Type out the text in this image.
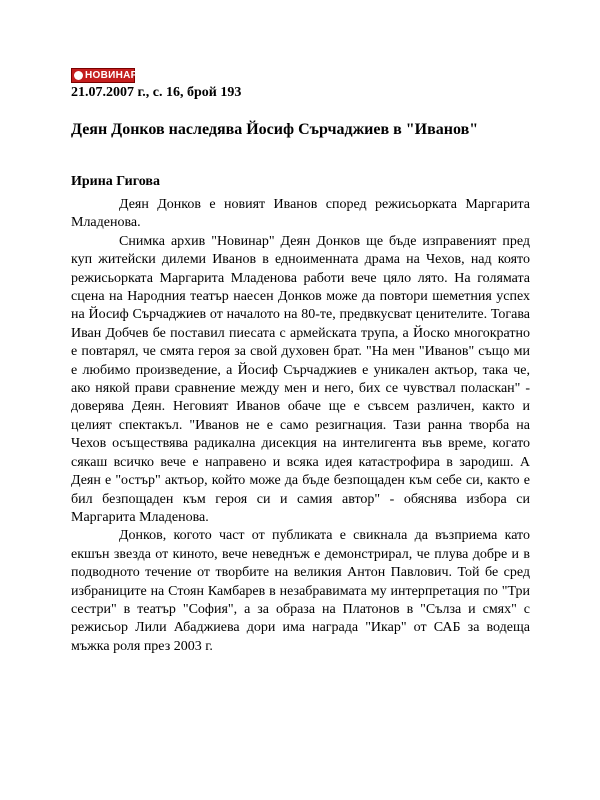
НОВИНАР
21.07.2007 г., с. 16, брой 193
Деян Донков наследява Йосиф Сърчаджиев в "Иванов"
Ирина Гигова

Деян Донков е новият Иванов според режисьорката Маргарита Младенова.

Снимка архив "Новинар" Деян Донков ще бъде изправеният пред куп житейски дилеми Иванов в едноименната драма на Чехов, над която режисьорката Маргарита Младенова работи вече цяло лято. На голямата сцена на Народния театър наесен Донков може да повтори шеметния успех на Йосиф Сърчаджиев от началото на 80-те, предвкусват ценителите. Тогава Иван Добчев бе поставил пиесата с армейската трупа, а Йоско многократно е повтарял, че смята героя за свой духовен брат. "На мен "Иванов" също ми е любимо произведение, а Йосиф Сърчаджиев е уникален актьор, така че, ако някой прави сравнение между мен и него, бих се чувствал поласкан" - доверява Деян. Неговият Иванов обаче ще е съвсем различен, както и целият спектакъл. "Иванов не е само резигнация. Тази ранна творба на Чехов осъществява радикална дисекция на интелигента във време, когато сякаш всичко вече е направено и всяка идея катастрофира в зародиш. А Деян е "остър" актьор, който може да бъде безпощаден към себе си, както е бил безпощаден към героя си и самия автор" - обяснява избора си Маргарита Младенова.

Донков, когото част от публиката е свикнала да възприема като екшън звезда от киното, вече неведнъж е демонстрирал, че плува добре и в подводното течение от творбите на великия Антон Павлович. Той бе сред избраниците на Стоян Камбарев в незабравимата му интерпретация по "Три сестри" в театър "София", а за образа на Платонов в "Сълза и смях" с режисьор Лили Абаджиева дори има награда "Икар" от САБ за водеща мъжка роля през 2003 г.
